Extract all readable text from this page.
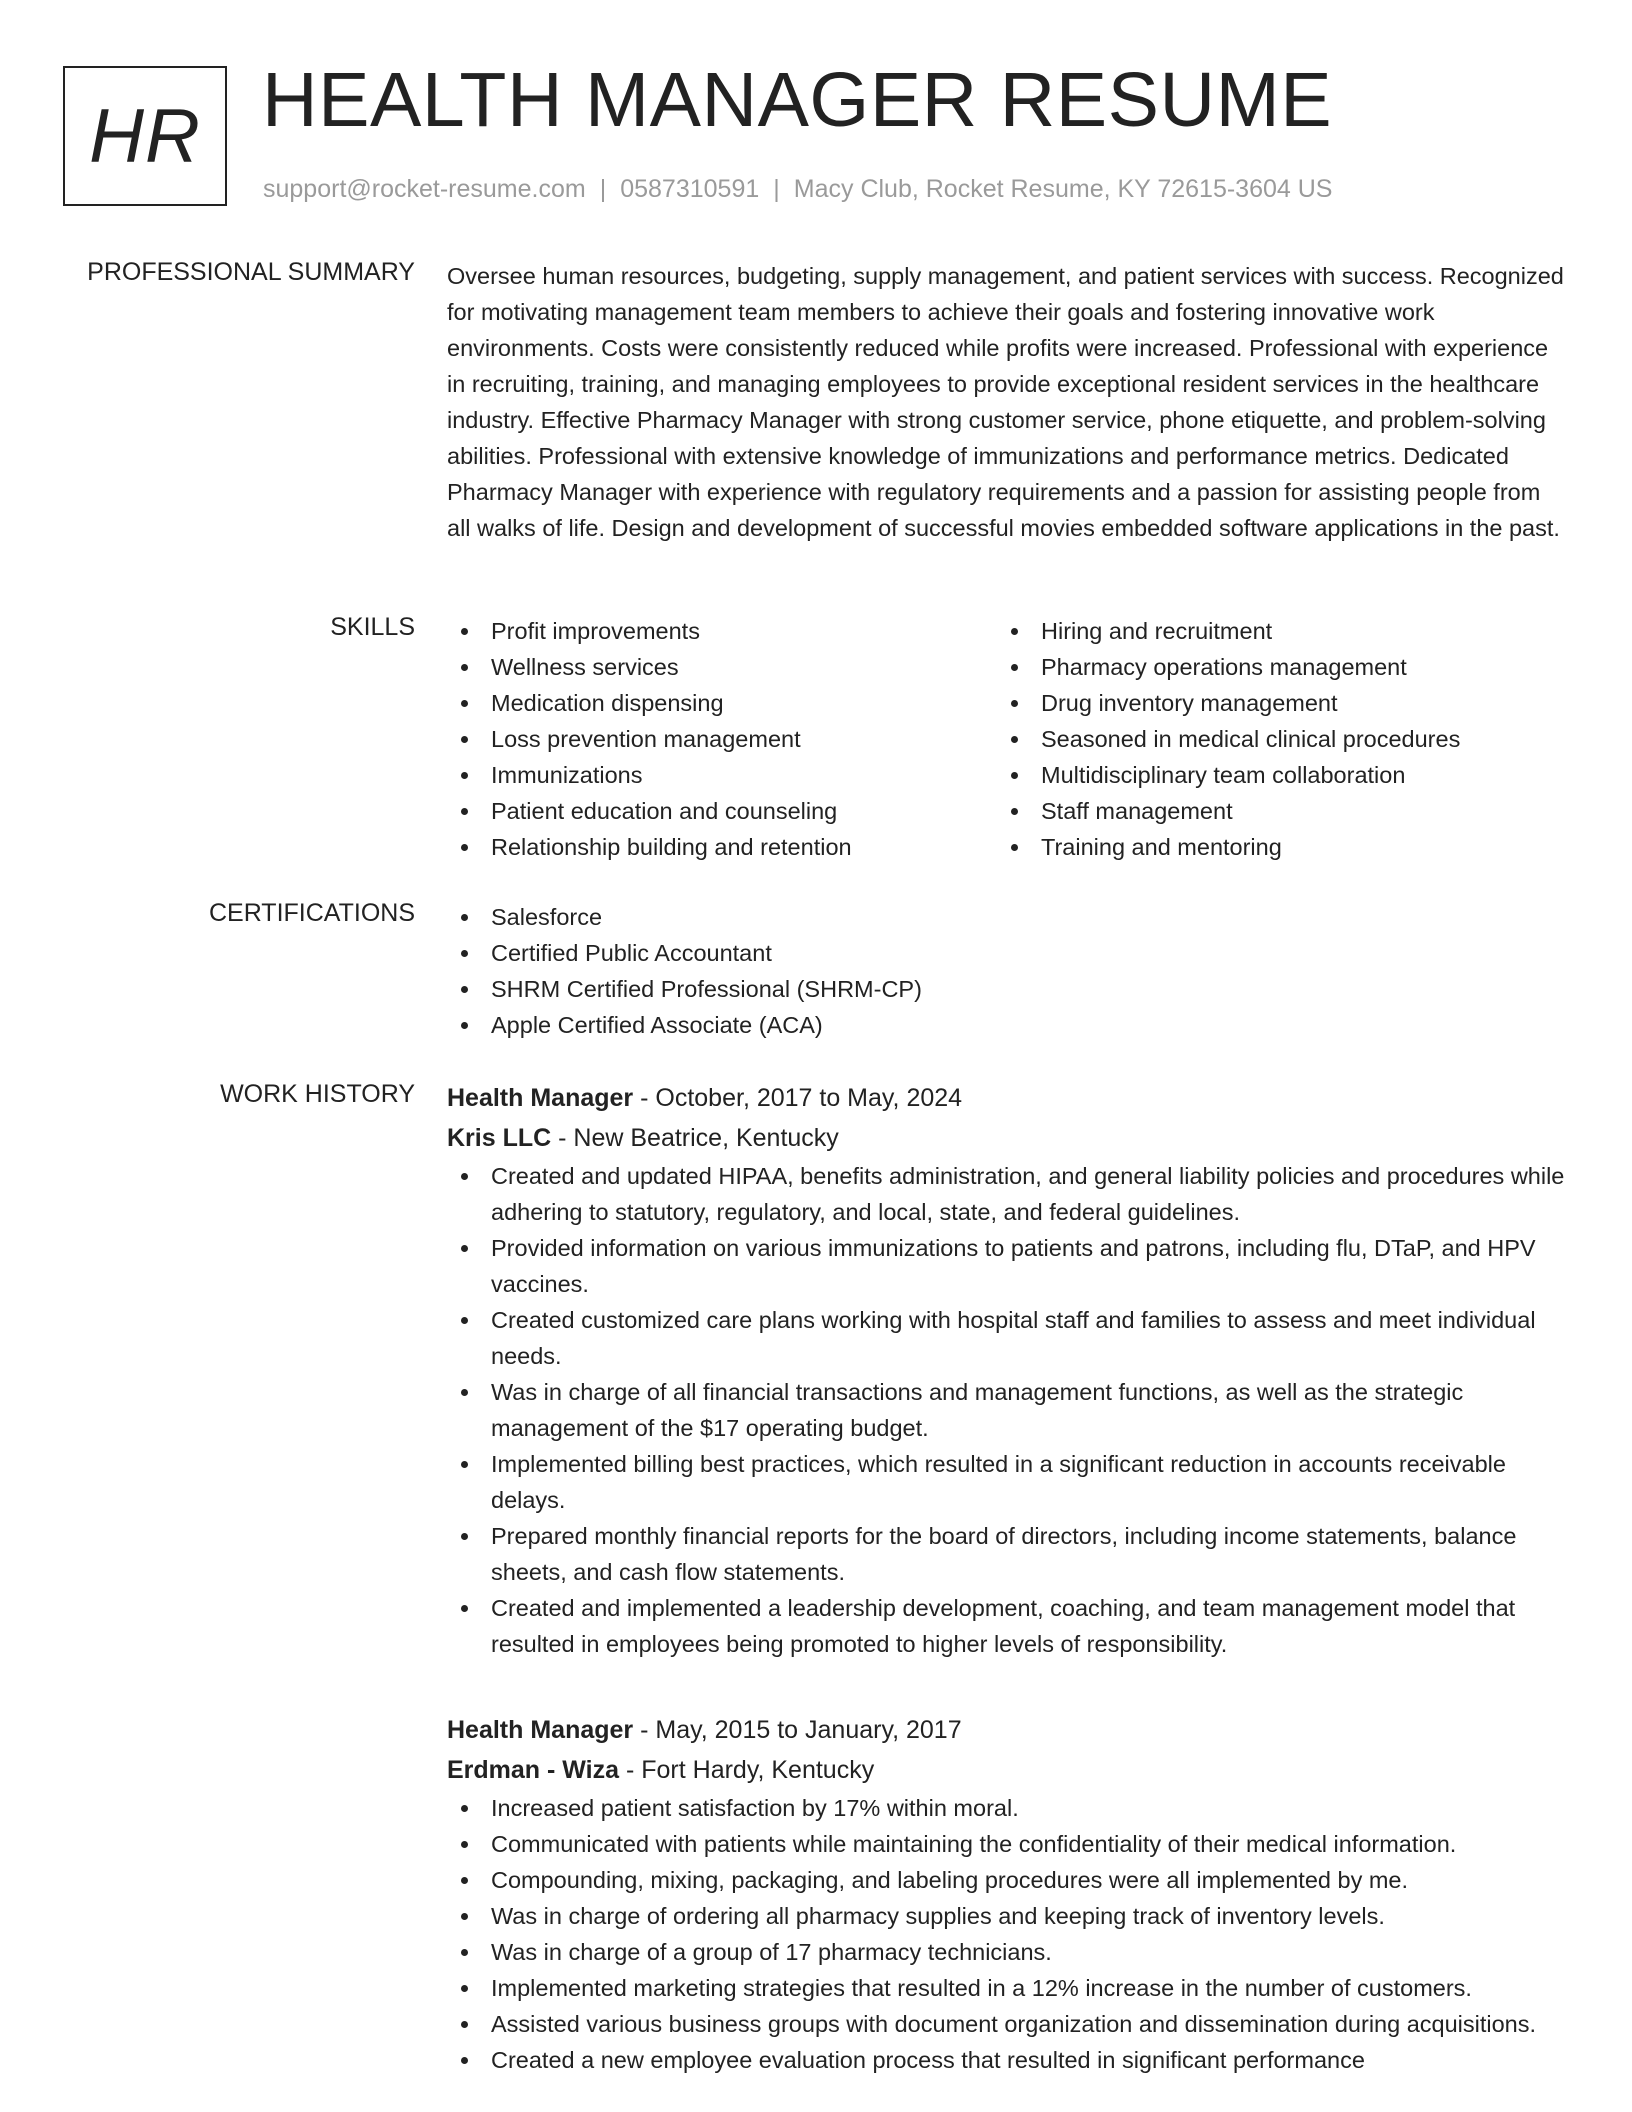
HR HEALTH MANAGER RESUME
support@rocket-resume.com | 0587310591 | Macy Club, Rocket Resume, KY 72615-3604 US
PROFESSIONAL SUMMARY Oversee human resources, budgeting, supply management, and patient services with success. Recognized for motivating management team members to achieve their goals and fostering innovative work environments. Costs were consistently reduced while profits were increased. Professional with experience in recruiting, training, and managing employees to provide exceptional resident services in the healthcare industry. Effective Pharmacy Manager with strong customer service, phone etiquette, and problem-solving abilities. Professional with extensive knowledge of immunizations and performance metrics. Dedicated Pharmacy Manager with experience with regulatory requirements and a passion for assisting people from all walks of life. Design and development of successful movies embedded software applications in the past.

SKILLS	Profit improvements
Wellness services
Medication dispensing
Loss prevention management
Immunizations
Patient education and counseling
Relationship building and retention
Hiring and recruitment
Pharmacy operations management
Drug inventory management
Seasoned in medical clinical procedures
Multidisciplinary team collaboration
Staff management
Training and mentoring
CERTIFICATIONS	Salesforce
Certified Public Accountant
SHRM Certified Professional (SHRM-CP)
Apple Certified Associate (ACA)
WORK HISTORY Health Manager - October, 2017 to May, 2024
Kris LLC - New Beatrice, Kentucky
Created and updated HIPAA, benefits administration, and general liability policies and procedures while adhering to statutory, regulatory, and local, state, and federal guidelines.
Provided information on various immunizations to patients and patrons, including flu, DTaP, and HPV vaccines.
Created customized care plans working with hospital staff and families to assess and meet individual needs.
Was in charge of all financial transactions and management functions, as well as the strategic management of the $17 operating budget.
Implemented billing best practices, which resulted in a significant reduction in accounts receivable delays.
Prepared monthly financial reports for the board of directors, including income statements, balance sheets, and cash flow statements.
Created and implemented a leadership development, coaching, and team management model that resulted in employees being promoted to higher levels of responsibility.
Health Manager - May, 2015 to January, 2017
Erdman - Wiza - Fort Hardy, Kentucky
Increased patient satisfaction by 17% within moral.
Communicated with patients while maintaining the confidentiality of their medical information.
Compounding, mixing, packaging, and labeling procedures were all implemented by me.
Was in charge of ordering all pharmacy supplies and keeping track of inventory levels.
Was in charge of a group of 17 pharmacy technicians.
Implemented marketing strategies that resulted in a 12% increase in the number of customers.
Assisted various business groups with document organization and dissemination during acquisitions.
Created a new employee evaluation process that resulted in significant performance
